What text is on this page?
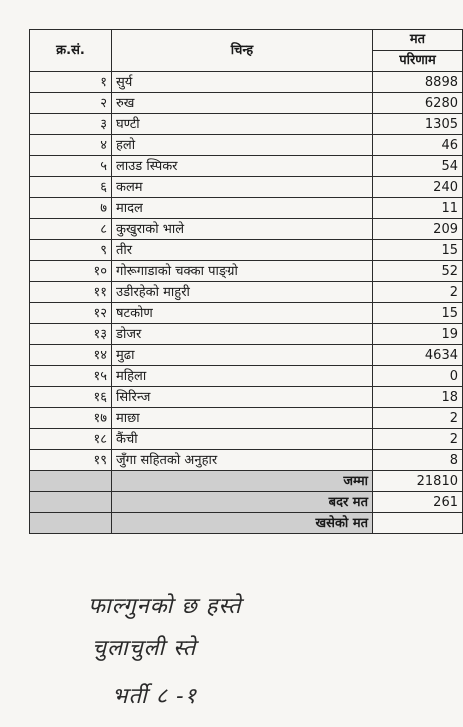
क्र.सं.	चिन्ह	मत
		परिणाम
१	सुर्य	8898
२	रुख	6280
३	घण्टी	1305
४	हलो	46
५	लाउड स्पिकर	54
६	कलम	240
७	मादल	11
८	कुखुराको भाले	209
९	तीर	15
१०	गोरूगाडाको चक्का पाङ्ग्रो	52
११	उडीरहेको माहुरी	2
१२	षटकोण	15
१३	डोजर	19
१४	मुढा	4634
१५	महिला	0
१६	सिरिन्ज	18
१७	माछा	2
१८	कैंची	2
१९	जुँगा सहितको अनुहार	8
	जम्मा	21810
	बदर मत	261
	खसेको मत	
फाल्गुनको छ हस्ते
चुलाचुली स्ते
भर्ती ८ -१
